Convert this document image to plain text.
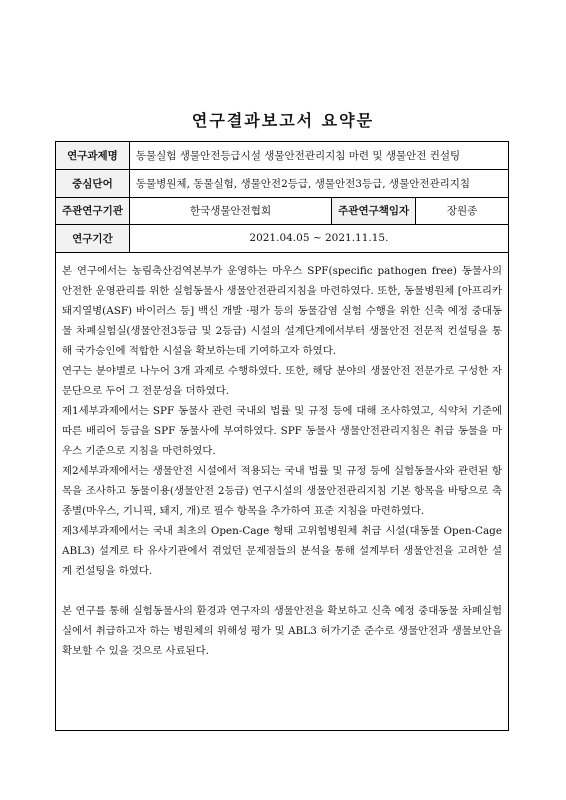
연구결과보고서 요약문
연구과제명	동물실험 생물안전등급시설 생물안전관리지침 마련 및 생물안전 컨설팅		
중심단어	동물병원체, 동물실험, 생물안전2등급, 생물안전3등급, 생물안전관리지침		
주관연구기관	한국생물안전협회	주관연구책임자	장원종
연구기간	2021.04.05 ~ 2021.11.15.		

본 연구에서는 농림축산검역본부가 운영하는 마우스 SPF(specific pathogen free) 동물사의 안전한 운영관리를 위한 실험동물사 생물안전관리지침을 마련하였다. 또한, 동물병원체 [아프리카돼지열병(ASF) 바이러스 등] 백신 개발 ·평가 등의 동물감염 실험 수행을 위한 신축 예정 중대동물 차폐실험실(생물안전3등급 및 2등급) 시설의 설계단계에서부터 생물안전 전문적 컨설팅을 통해 국가승인에 적합한 시설을 확보하는데 기여하고자 하였다.

연구는 분야별로 나누어 3개 과제로 수행하였다. 또한, 해당 분야의 생물안전 전문가로 구성한 자문단으로 두어 그 전문성을 더하였다.

제1세부과제에서는 SPF 동물사 관련 국내외 법률 및 규정 등에 대해 조사하였고, 식약처 기준에 따른 배리어 등급을 SPF 동물사에 부여하였다. SPF 동물사 생물안전관리지침은 취급 동물을 마우스 기준으로 지침을 마련하였다.

제2세부과제에서는 생물안전 시설에서 적용되는 국내 법률 및 규정 등에 실험동물사와 관련된 항목을 조사하고 동물이용(생물안전 2등급) 연구시설의 생물안전관리지침 기본 항목을 바탕으로 축종별(마우스, 기니픽, 돼지, 개)로 필수 항목을 추가하여 표준 지침을 마련하였다.

제3세부과제에서는 국내 최초의 Open-Cage 형태 고위험병원체 취급 시설(대동물 Open-Cage ABL3) 설계로 타 유사기관에서 겪었던 문제점들의 분석을 통해 설계부터 생물안전을 고려한 설계 컨설팅을 하였다.

본 연구를 통해 실험동물사의 환경과 연구자의 생물안전을 확보하고 신축 예정 중대동물 차폐실험실에서 취급하고자 하는 병원체의 위해성 평가 및 ABL3 허가기준 준수로 생물안전과 생물보안을 확보할 수 있을 것으로 사료된다.
